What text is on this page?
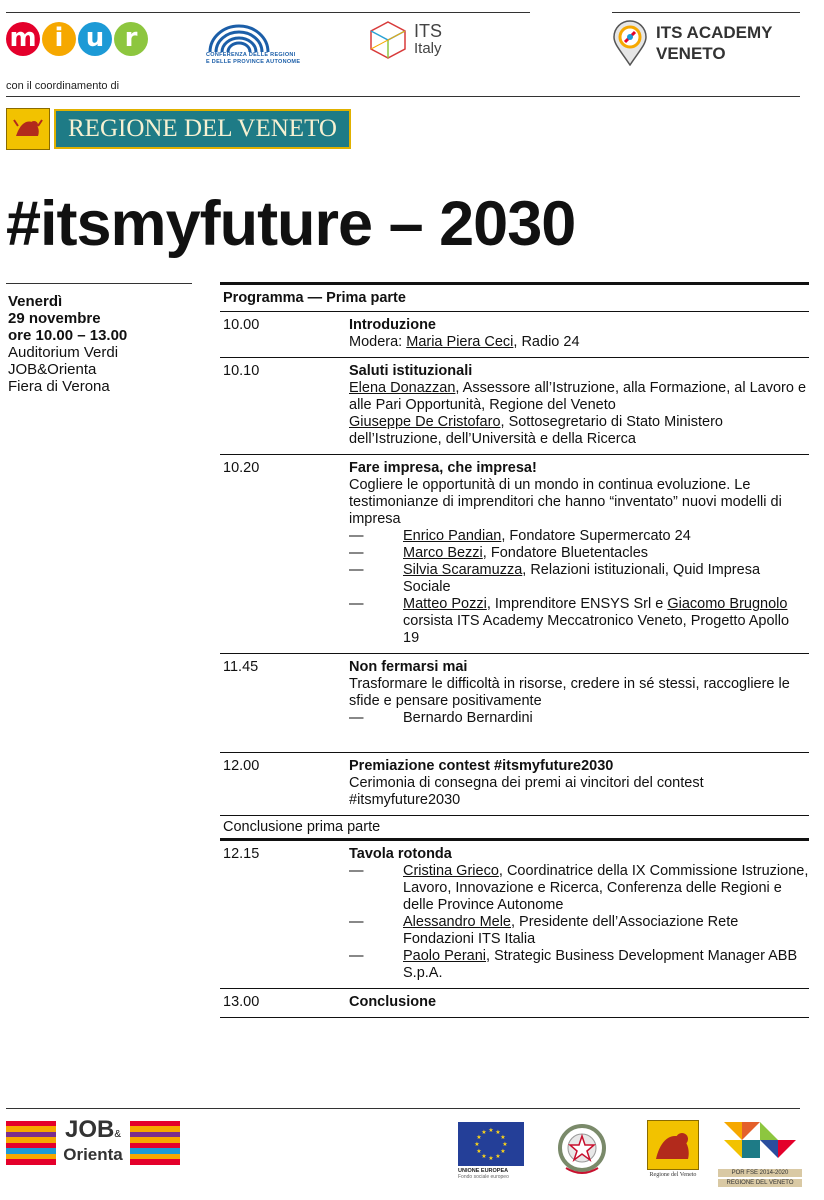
m i u r
CONFERENZA DELLE REGIONI
E DELLE PROVINCE AUTONOME
ITS
Italy
ITS ACADEMY
VENETO
con il coordinamento di
REGIONE DEL VENETO
#itsmyfuture – 2030
Venerdì
29 novembre
ore 10.00 – 13.00
Auditorium Verdi
JOB&Orienta
Fiera di Verona
Programma — Prima parte
10.00	Introduzione
Modera: Maria Piera Ceci, Radio 24
10.10	Saluti istituzionali
Elena Donazzan, Assessore all’Istruzione, alla Formazione, al Lavoro e alle Pari Opportunità, Regione del Veneto
Giuseppe De Cristofaro, Sottosegretario di Stato Ministero dell’Istruzione, dell’Università e della Ricerca
10.20	Fare impresa, che impresa!
Cogliere le opportunità di un mondo in continua evoluzione. Le testimonianze di imprenditori che hanno “inventato” nuovi modelli di impresa
—	Enrico Pandian, Fondatore Supermercato 24
—	Marco Bezzi, Fondatore Bluetentacles
—	Silvia Scaramuzza, Relazioni istituzionali, Quid Impresa Sociale
—	Matteo Pozzi, Imprenditore ENSYS Srl e Giacomo Brugnolo corsista ITS Academy Meccatronico Veneto, Progetto Apollo 19
11.45	Non fermarsi mai
Trasformare le difficoltà in risorse, credere in sé stessi, raccogliere le sfide e pensare positivamente
—	Bernardo Bernardini
12.00	Premiazione contest #itsmyfuture2030
Cerimonia di consegna dei premi ai vincitori del contest #itsmyfuture2030
Conclusione prima parte
12.15	Tavola rotonda
—	Cristina Grieco, Coordinatrice della IX Commissione Istruzione, Lavoro, Innovazione e Ricerca, Conferenza delle Regioni e delle Province Autonome
—	Alessandro Mele, Presidente dell’Associazione Rete Fondazioni ITS Italia
—	Paolo Perani, Strategic Business Development Manager ABB S.p.A.
13.00	Conclusione
JOB&
Orienta
★ ★
★
★
★
★
★
★
★
★
★
★
UNIONE EUROPEA
Fondo sociale europeo	Regione del Veneto	POR FSE 2014-2020
REGIONE DEL VENETO
